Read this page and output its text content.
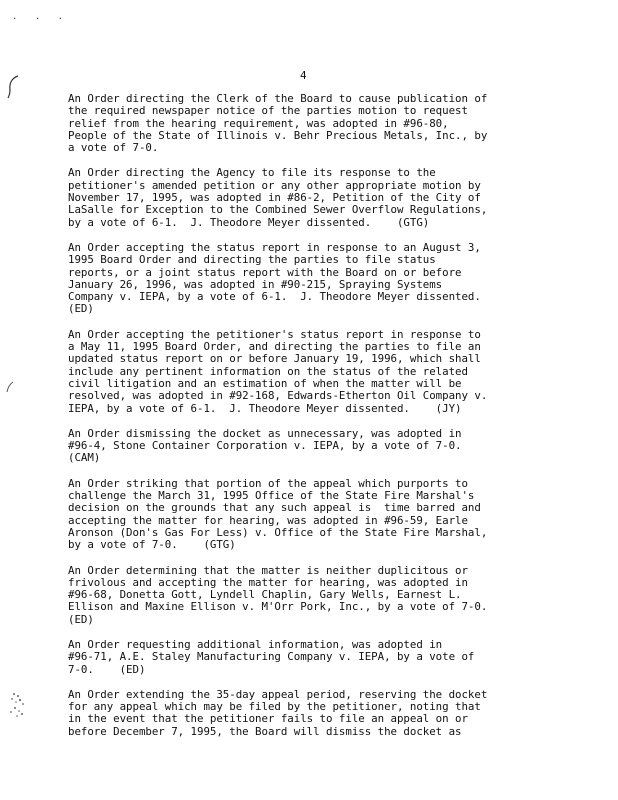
. . .
4
An Order directing the Clerk of the Board to cause publication of
the required newspaper notice of the parties motion to request
relief from the hearing requirement, was adopted in #96-80,
People of the State of Illinois v. Behr Precious Metals, Inc., by
a vote of 7-0.
An Order directing the Agency to file its response to the
petitioner's amended petition or any other appropriate motion by
November 17, 1995, was adopted in #86-2, Petition of the City of
LaSalle for Exception to the Combined Sewer Overflow Regulations,
by a vote of 6-1.  J. Theodore Meyer dissented.    (GTG)
An Order accepting the status report in response to an August 3,
1995 Board Order and directing the parties to file status
reports, or a joint status report with the Board on or before
January 26, 1996, was adopted in #90-215, Spraying Systems
Company v. IEPA, by a vote of 6-1.  J. Theodore Meyer dissented.
(ED)
An Order accepting the petitioner's status report in response to
a May 11, 1995 Board Order, and directing the parties to file an
updated status report on or before January 19, 1996, which shall
include any pertinent information on the status of the related
civil litigation and an estimation of when the matter will be
resolved, was adopted in #92-168, Edwards-Etherton Oil Company v.
IEPA, by a vote of 6-1.  J. Theodore Meyer dissented.    (JY)
An Order dismissing the docket as unnecessary, was adopted in
#96-4, Stone Container Corporation v. IEPA, by a vote of 7-0.
(CAM)
An Order striking that portion of the appeal which purports to
challenge the March 31, 1995 Office of the State Fire Marshal's
decision on the grounds that any such appeal is  time barred and
accepting the matter for hearing, was adopted in #96-59, Earle
Aronson (Don's Gas For Less) v. Office of the State Fire Marshal,
by a vote of 7-0.    (GTG)
An Order determining that the matter is neither duplicitous or
frivolous and accepting the matter for hearing, was adopted in
#96-68, Donetta Gott, Lyndell Chaplin, Gary Wells, Earnest L.
Ellison and Maxine Ellison v. M'Orr Pork, Inc., by a vote of 7-0.
(ED)
An Order requesting additional information, was adopted in
#96-71, A.E. Staley Manufacturing Company v. IEPA, by a vote of
7-0.    (ED)
An Order extending the 35-day appeal period, reserving the docket
for any appeal which may be filed by the petitioner, noting that
in the event that the petitioner fails to file an appeal on or
before December 7, 1995, the Board will dismiss the docket as
